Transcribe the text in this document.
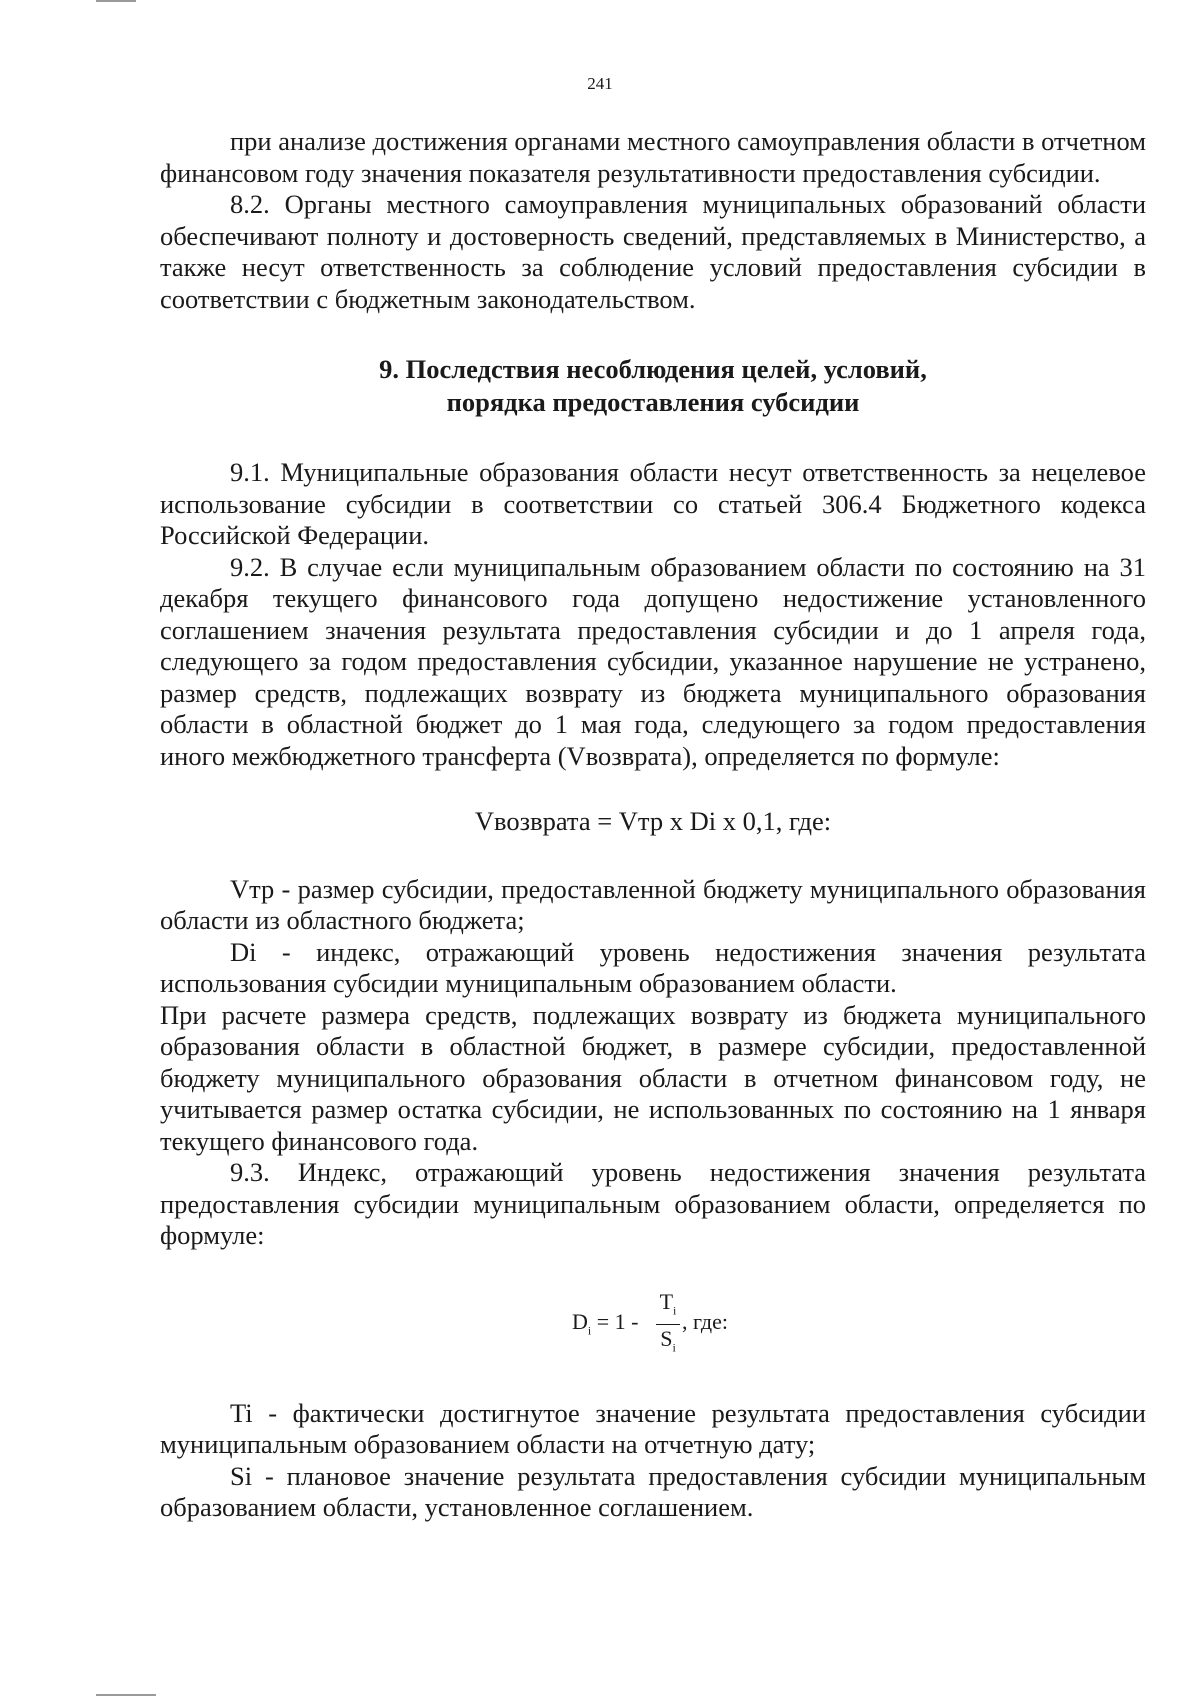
241

при анализе достижения органами местного самоуправления области в отчетном финансовом году значения показателя результативности предоставления субсидии.

8.2. Органы местного самоуправления муниципальных образований области обеспечивают полноту и достоверность сведений, представляемых в Министерство, а также несут ответственность за соблюдение условий предоставления субсидии в соответствии с бюджетным законодательством.

9. Последствия несоблюдения целей, условий,
порядка предоставления субсидии

9.1. Муниципальные образования области несут ответственность за нецелевое использование субсидии в соответствии со статьей 306.4 Бюджетного кодекса Российской Федерации.

9.2. В случае если муниципальным образованием области по состоянию на 31 декабря текущего финансового года допущено недостижение установленного соглашением значения результата предоставления субсидии и до 1 апреля года, следующего за годом предоставления субсидии, указанное нарушение не устранено, размер средств, подлежащих возврату из бюджета муниципального образования области в областной бюджет до 1 мая года, следующего за годом предоставления иного межбюджетного трансферта (Vвозврата), определяется по формуле:

Vвозврата = Vтр x Di x 0,1, где:

Vтр - размер субсидии, предоставленной бюджету муниципального образования области из областного бюджета;

Di - индекс, отражающий уровень недостижения значения результата использования субсидии муниципальным образованием области.

При расчете размера средств, подлежащих возврату из бюджета муниципального образования области в областной бюджет, в размере субсидии, предоставленной бюджету муниципального образования области в отчетном финансовом году, не учитывается размер остатка субсидии, не использованных по состоянию на 1 января текущего финансового года.

9.3. Индекс, отражающий уровень недостижения значения результата предоставления субсидии муниципальным образованием области, определяется по формуле:

$D_i = 1$ -
$T_i$
$S_i$
, где:

Ti - фактически достигнутое значение результата предоставления субсидии муниципальным образованием области на отчетную дату;

Si - плановое значение результата предоставления субсидии муниципальным образованием области, установленное соглашением.
